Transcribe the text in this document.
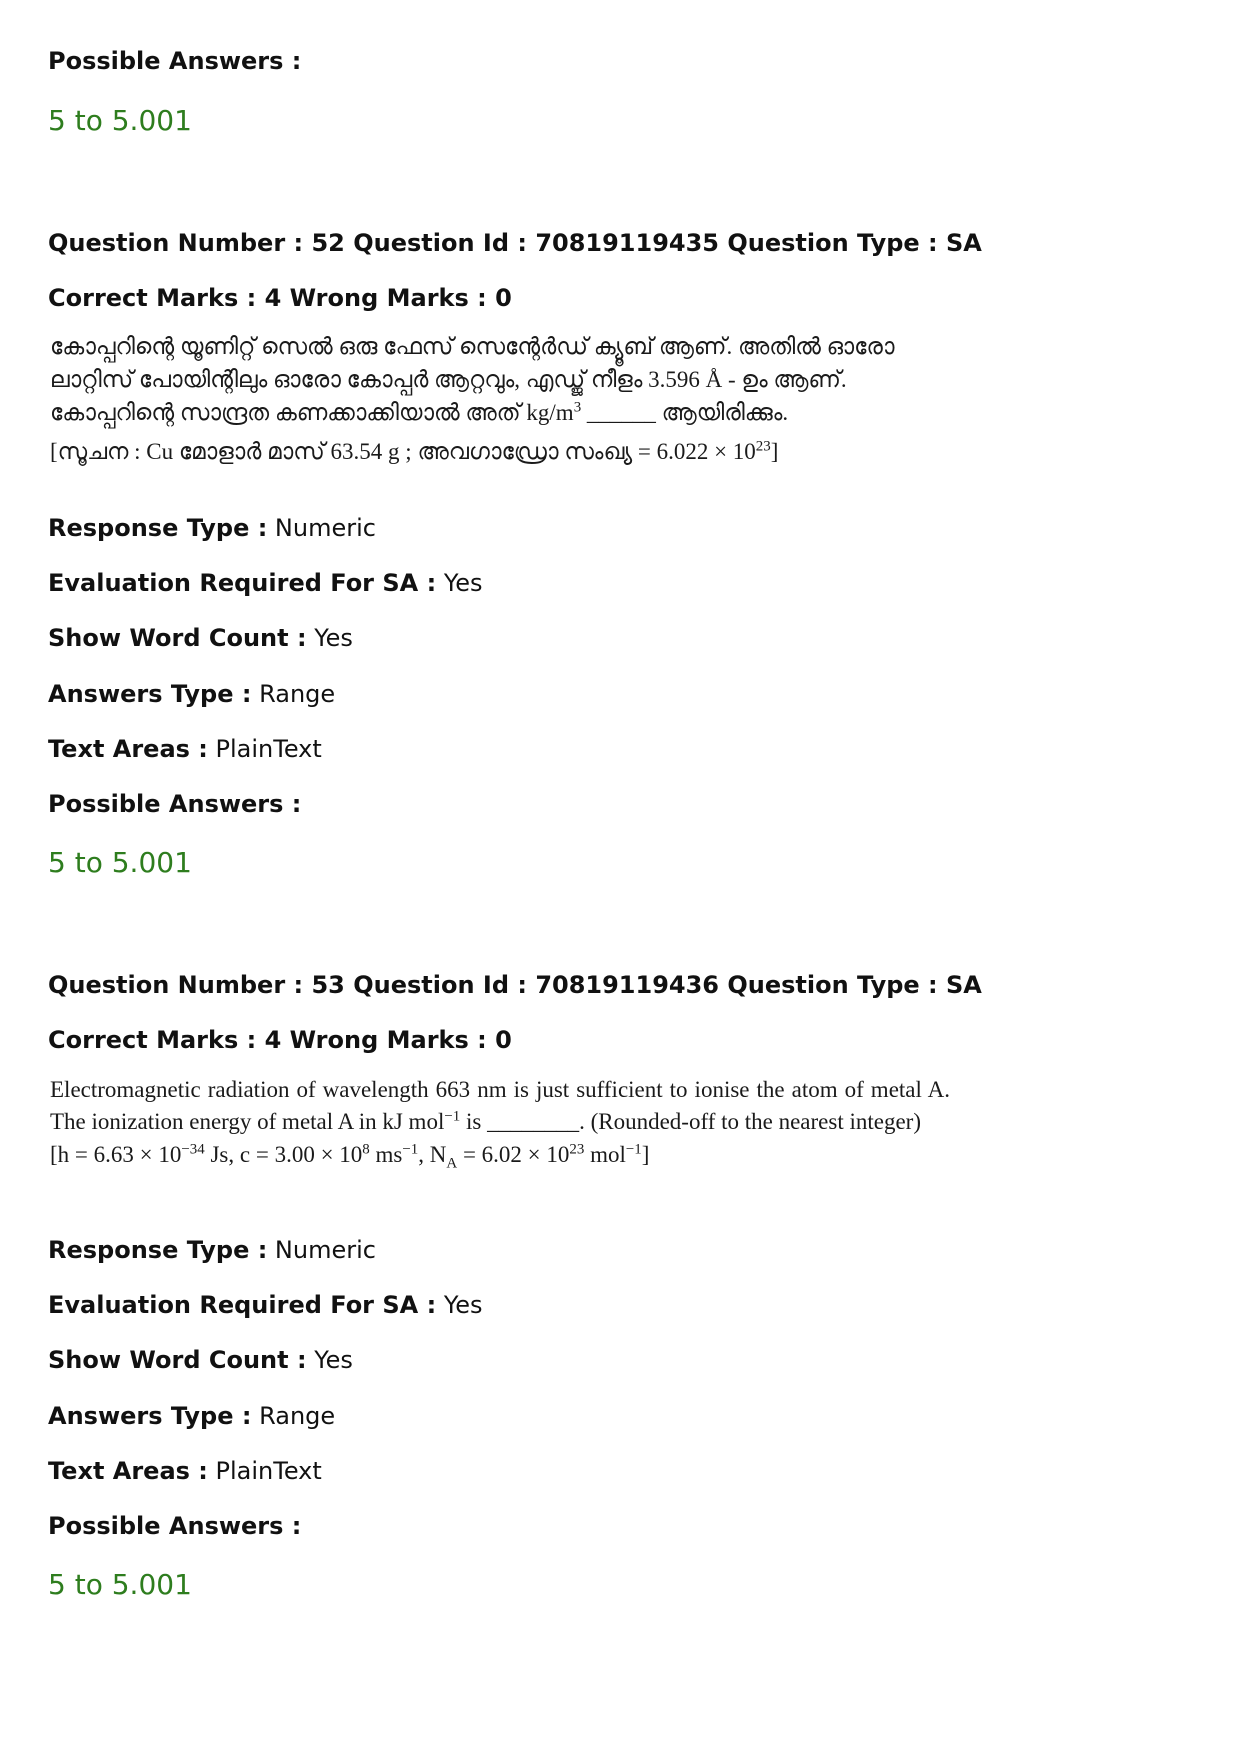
Possible Answers :
5 to 5.001
Question Number : 52 Question Id : 70819119435 Question Type : SA
Correct Marks : 4 Wrong Marks : 0
കോപ്പറിന്റെ യൂണിറ്റ് സെൽ ഒരു ഫേസ് സെന്റേർഡ് ക്യൂബ് ആണ്. അതിൽ ഓരോ ലാറ്റിസ് പോയിന്റിലും ഓരോ കോപ്പർ ആറ്റവും, എഡ്ജ് നീളം 3.596 Å - ഉം ആണ്. കോപ്പറിന്റെ സാന്ദ്രത കണക്കാക്കിയാൽ അത് $kg/m^3$ ______ ആയിരിക്കും.
[സൂചന : Cu മോളാർ മാസ് 63.54 g ; അവഗാഡ്രോ സംഖ്യ = $6.022 \times 10^{23}$]
Response Type : Numeric
Evaluation Required For SA : Yes
Show Word Count : Yes
Answers Type : Range
Text Areas : PlainText
Possible Answers :
5 to 5.001
Question Number : 53 Question Id : 70819119436 Question Type : SA
Correct Marks : 4 Wrong Marks : 0
Electromagnetic radiation of wavelength 663 nm is just sufficient to ionise the atom of metal A. The ionization energy of metal A in kJ mol$^{-1}$ is ________. (Rounded-off to the nearest integer)
[$h = 6.63 \times 10^{-34}$ Js, $c = 3.00 \times 10^8$ $ms^{-1}$, $N_A = 6.02 \times 10^{23}$ mol$^{-1}$]
Response Type : Numeric
Evaluation Required For SA : Yes
Show Word Count : Yes
Answers Type : Range
Text Areas : PlainText
Possible Answers :
5 to 5.001
